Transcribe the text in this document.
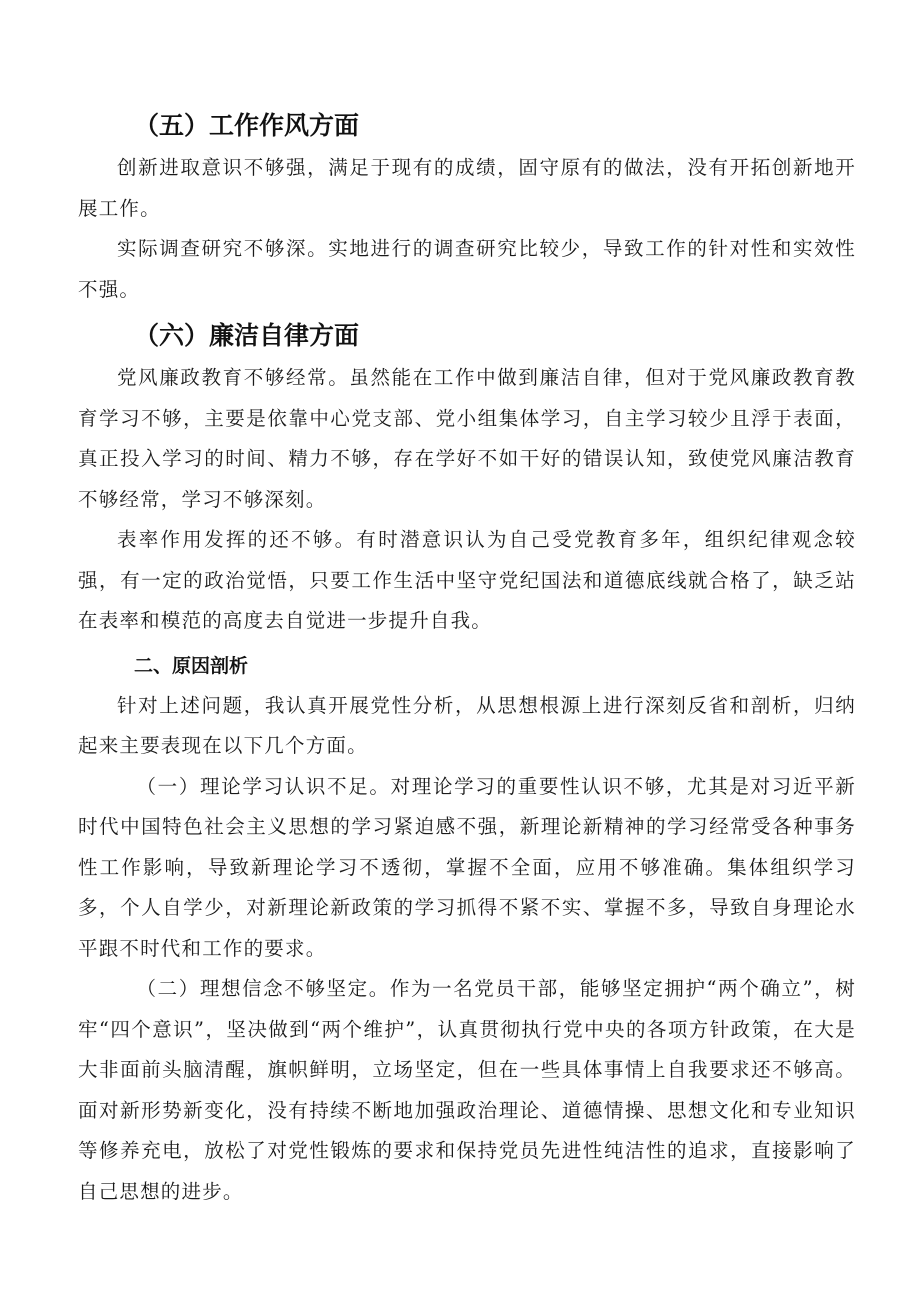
（五）工作作风方面

创新进取意识不够强，满足于现有的成绩，固守原有的做法，没有开拓创新地开展工作。

实际调查研究不够深。实地进行的调查研究比较少，导致工作的针对性和实效性不强。

（六）廉洁自律方面

党风廉政教育不够经常。虽然能在工作中做到廉洁自律，但对于党风廉政教育教育学习不够，主要是依靠中心党支部、党小组集体学习，自主学习较少且浮于表面，真正投入学习的时间、精力不够，存在学好不如干好的错误认知，致使党风廉洁教育不够经常，学习不够深刻。

表率作用发挥的还不够。有时潜意识认为自己受党教育多年，组织纪律观念较强，有一定的政治觉悟，只要工作生活中坚守党纪国法和道德底线就合格了，缺乏站在表率和模范的高度去自觉进一步提升自我。

二、原因剖析

针对上述问题，我认真开展党性分析，从思想根源上进行深刻反省和剖析，归纳起来主要表现在以下几个方面。

（一）理论学习认识不足。对理论学习的重要性认识不够，尤其是对习近平新时代中国特色社会主义思想的学习紧迫感不强，新理论新精神的学习经常受各种事务性工作影响，导致新理论学习不透彻，掌握不全面，应用不够准确。集体组织学习多，个人自学少，对新理论新政策的学习抓得不紧不实、掌握不多，导致自身理论水平跟不时代和工作的要求。

（二）理想信念不够坚定。作为一名党员干部，能够坚定拥护“两个确立”，树牢“四个意识”，坚决做到“两个维护”，认真贯彻执行党中央的各项方针政策，在大是大非面前头脑清醒，旗帜鲜明，立场坚定，但在一些具体事情上自我要求还不够高。面对新形势新变化，没有持续不断地加强政治理论、道德情操、思想文化和专业知识等修养充电，放松了对党性锻炼的要求和保持党员先进性纯洁性的追求，直接影响了自己思想的进步。
